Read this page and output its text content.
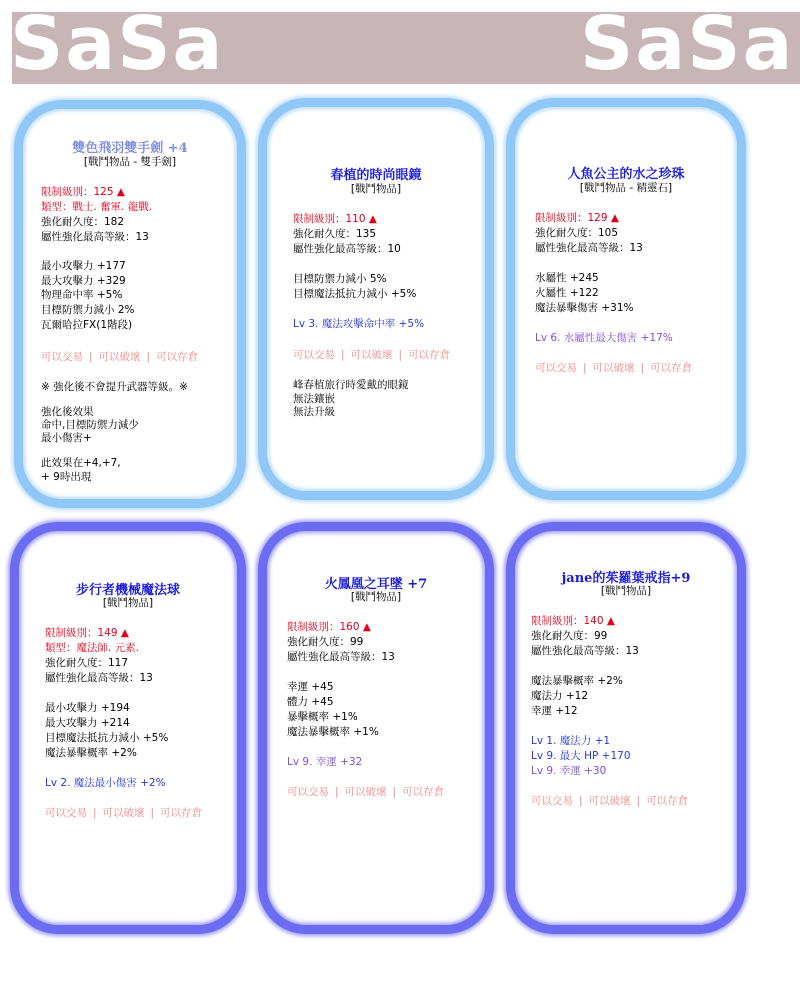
SaSa	SaSa
雙色飛羽雙手劍 +4
[戰鬥物品 - 雙手劍]
限制級別：125 ▲
類型：戰士. 奮軍. 龍戰.
強化耐久度：182
屬性強化最高等級：13
最小攻擊力 +177
最大攻擊力 +329
物理命中率 +5%
目標防禦力減小 2%
瓦爾哈拉FX(1階段)
可以交易 | 可以破壞 | 可以存倉
※ 強化後不會提升武器等級。※
強化後效果
命中,目標防禦力減少
最小傷害+
此效果在+4,+7,
+ 9時出現
春植的時尚眼鏡
[戰鬥物品]
限制級別：110 ▲
強化耐久度：135
屬性強化最高等級：10
目標防禦力減小 5%
目標魔法抵抗力減小 +5%
Lv 3. 魔法攻擊命中率 +5%
可以交易 | 可以破壞 | 可以存倉
峰春植旅行時愛戴的眼鏡
無法鑲嵌
無法升級
人魚公主的水之珍珠
[戰鬥物品 - 精靈石]
限制級別：129 ▲
強化耐久度：105
屬性強化最高等級：13
水屬性 +245
火屬性 +122
魔法暴擊傷害 +31%
Lv 6. 水屬性最大傷害 +17%
可以交易 | 可以破壞 | 可以存倉
步行者機械魔法球
[戰鬥物品]
限制級別：149 ▲
類型：魔法師. 元素.
強化耐久度：117
屬性強化最高等級：13
最小攻擊力 +194
最大攻擊力 +214
目標魔法抵抗力減小 +5%
魔法暴擊概率 +2%
Lv 2. 魔法最小傷害 +2%
可以交易 | 可以破壞 | 可以存倉
火鳳凰之耳墜 +7
[戰鬥物品]
限制級別：160 ▲
強化耐久度：99
屬性強化最高等級：13
幸運 +45
體力 +45
暴擊概率 +1%
魔法暴擊概率 +1%
Lv 9. 幸運 +32
可以交易 | 可以破壞 | 可以存倉
jane的茱羅葉戒指+9
[戰鬥物品]
限制級別：140 ▲
強化耐久度：99
屬性強化最高等級：13
魔法暴擊概率 +2%
魔法力 +12
幸運 +12
Lv 1. 魔法力 +1
Lv 9. 最大 HP +170
Lv 9. 幸運 +30
可以交易 | 可以破壞 | 可以存倉
